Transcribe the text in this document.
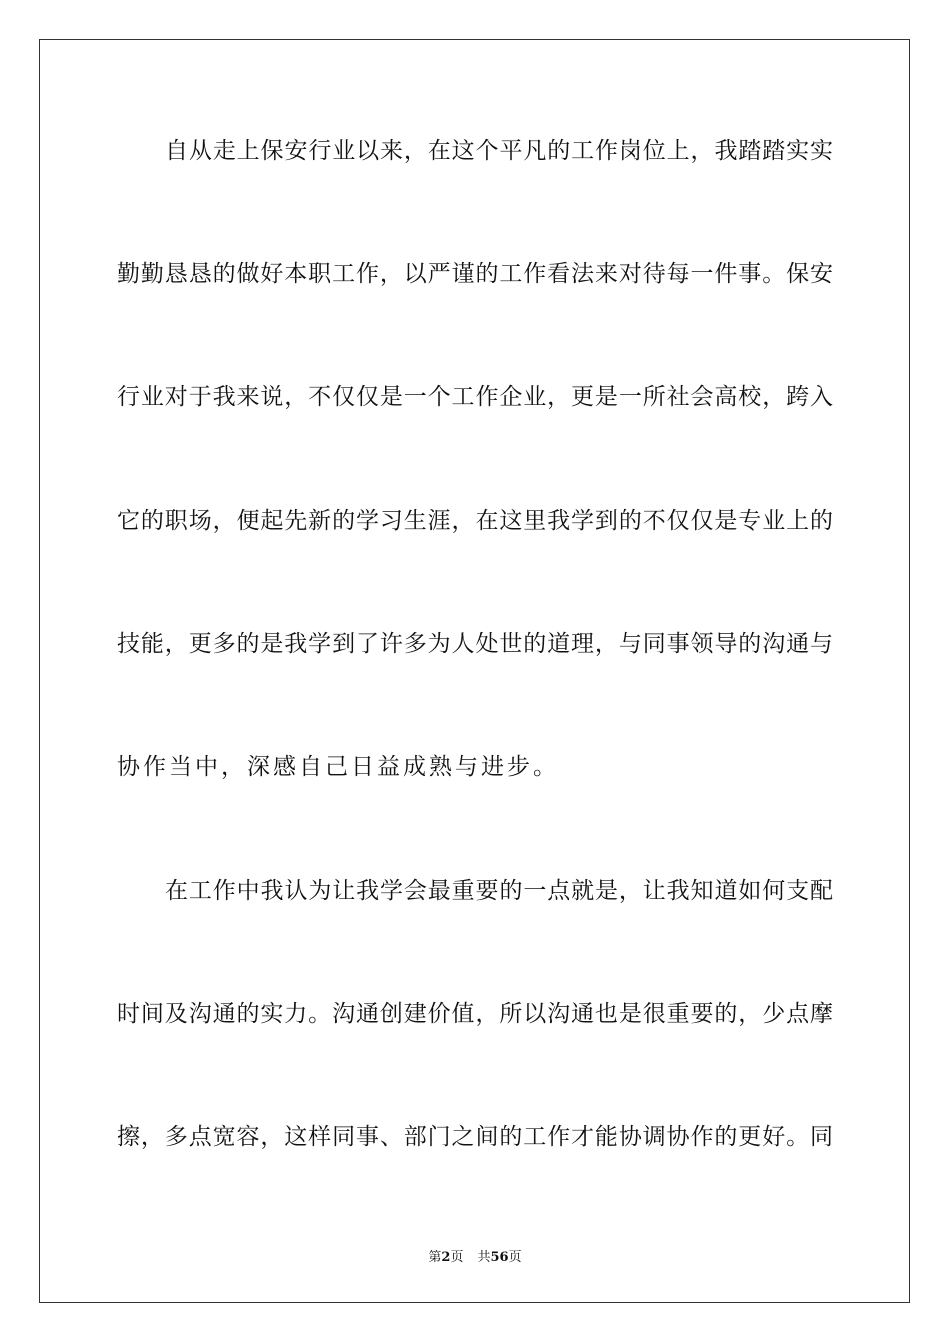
自从走上保安行业以来，在这个平凡的工作岗位上，我踏踏实实
勤勤恳恳的做好本职工作，以严谨的工作看法来对待每一件事。保安
行业对于我来说，不仅仅是一个工作企业，更是一所社会高校，跨入
它的职场，便起先新的学习生涯，在这里我学到的不仅仅是专业上的
技能，更多的是我学到了许多为人处世的道理，与同事领导的沟通与
协作当中，深感自己日益成熟与进步。
在工作中我认为让我学会最重要的一点就是，让我知道如何支配
时间及沟通的实力。沟通创建价值，所以沟通也是很重要的，少点摩
擦，多点宽容，这样同事、部门之间的工作才能协调协作的更好。同
第2页 共56页
